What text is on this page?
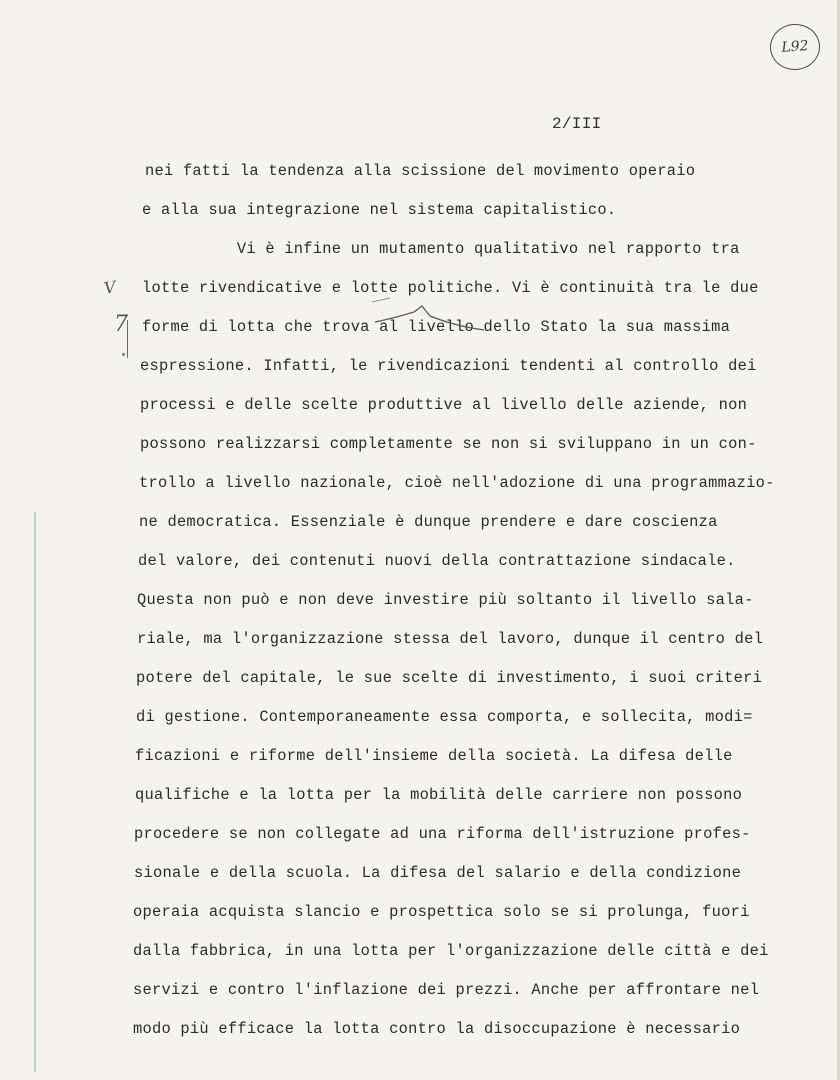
L92
2/III
V
7
nei fatti la tendenza alla scissione del movimento operaio
e alla sua integrazione nel sistema capitalistico.
Vi è infine un mutamento qualitativo nel rapporto tra
lotte rivendicative e lotte politiche. Vi è continuità tra le due
forme di lotta che trova al livello dello Stato la sua massima
espressione. Infatti, le rivendicazioni tendenti al controllo dei
processi e delle scelte produttive al livello delle aziende, non
possono realizzarsi completamente se non si sviluppano in un con-
trollo a livello nazionale, cioè nell'adozione di una programmazio-
ne democratica. Essenziale è dunque prendere e dare coscienza
del valore, dei contenuti nuovi della contrattazione sindacale.
Questa non può e non deve investire più soltanto il livello sala-
riale, ma l'organizzazione stessa del lavoro, dunque il centro del
potere del capitale, le sue scelte di investimento, i suoi criteri
di gestione. Contemporaneamente essa comporta, e sollecita, modi=
ficazioni e riforme dell'insieme della società. La difesa delle
qualifiche e la lotta per la mobilità delle carriere non possono
procedere se non collegate ad una riforma dell'istruzione profes-
sionale e della scuola. La difesa del salario e della condizione
operaia acquista slancio e prospettica solo se si prolunga, fuori
dalla fabbrica, in una lotta per l'organizzazione delle città e dei
servizi e contro l'inflazione dei prezzi. Anche per affrontare nel
modo più efficace la lotta contro la disoccupazione è necessario
